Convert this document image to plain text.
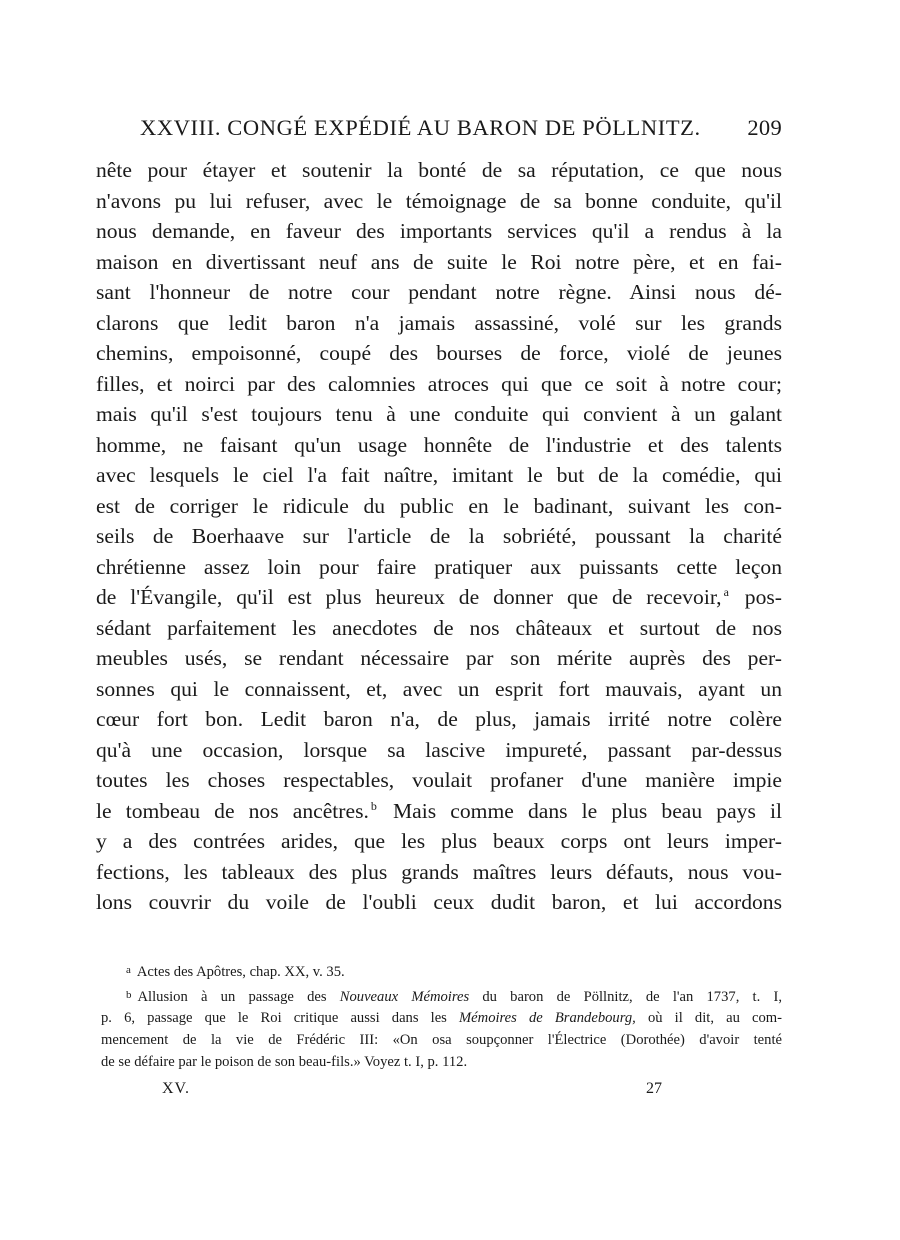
XXVIII. CONGÉ EXPÉDIÉ AU BARON DE PÖLLNITZ. 209
nête pour étayer et soutenir la bonté de sa réputation, ce que nous
n'avons pu lui refuser, avec le témoignage de sa bonne conduite, qu'il
nous demande, en faveur des importants services qu'il a rendus à la
maison en divertissant neuf ans de suite le Roi notre père, et en fai-
sant l'honneur de notre cour pendant notre règne. Ainsi nous dé-
clarons que ledit baron n'a jamais assassiné, volé sur les grands
chemins, empoisonné, coupé des bourses de force, violé de jeunes
filles, et noirci par des calomnies atroces qui que ce soit à notre cour;
mais qu'il s'est toujours tenu à une conduite qui convient à un galant
homme, ne faisant qu'un usage honnête de l'industrie et des talents
avec lesquels le ciel l'a fait naître, imitant le but de la comédie, qui
est de corriger le ridicule du public en le badinant, suivant les con-
seils de Boerhaave sur l'article de la sobriété, poussant la charité
chrétienne assez loin pour faire pratiquer aux puissants cette leçon
de l'Évangile, qu'il est plus heureux de donner que de recevoir, $^a$ pos-
sédant parfaitement les anecdotes de nos châteaux et surtout de nos
meubles usés, se rendant nécessaire par son mérite auprès des per-
sonnes qui le connaissent, et, avec un esprit fort mauvais, ayant un
cœur fort bon. Ledit baron n'a, de plus, jamais irrité notre colère
qu'à une occasion, lorsque sa lascive impureté, passant par-dessus
toutes les choses respectables, voulait profaner d'une manière impie
le tombeau de nos ancêtres. $^b$ Mais comme dans le plus beau pays il
y a des contrées arides, que les plus beaux corps ont leurs imper-
fections, les tableaux des plus grands maîtres leurs défauts, nous vou-
lons couvrir du voile de l'oubli ceux dudit baron, et lui accordons
$^a$ Actes des Apôtres, chap. XX, v. 35.
$^b$ Allusion à un passage des Nouveaux Mémoires du baron de Pöllnitz, de l'an 1737, t. I,
p. 6, passage que le Roi critique aussi dans les Mémoires de Brandebourg, où il dit, au com-
mencement de la vie de Frédéric III: «On osa soupçonner l'Électrice (Dorothée) d'avoir tenté
de se défaire par le poison de son beau-fils.» Voyez t. I, p. 112.
XV.	27
